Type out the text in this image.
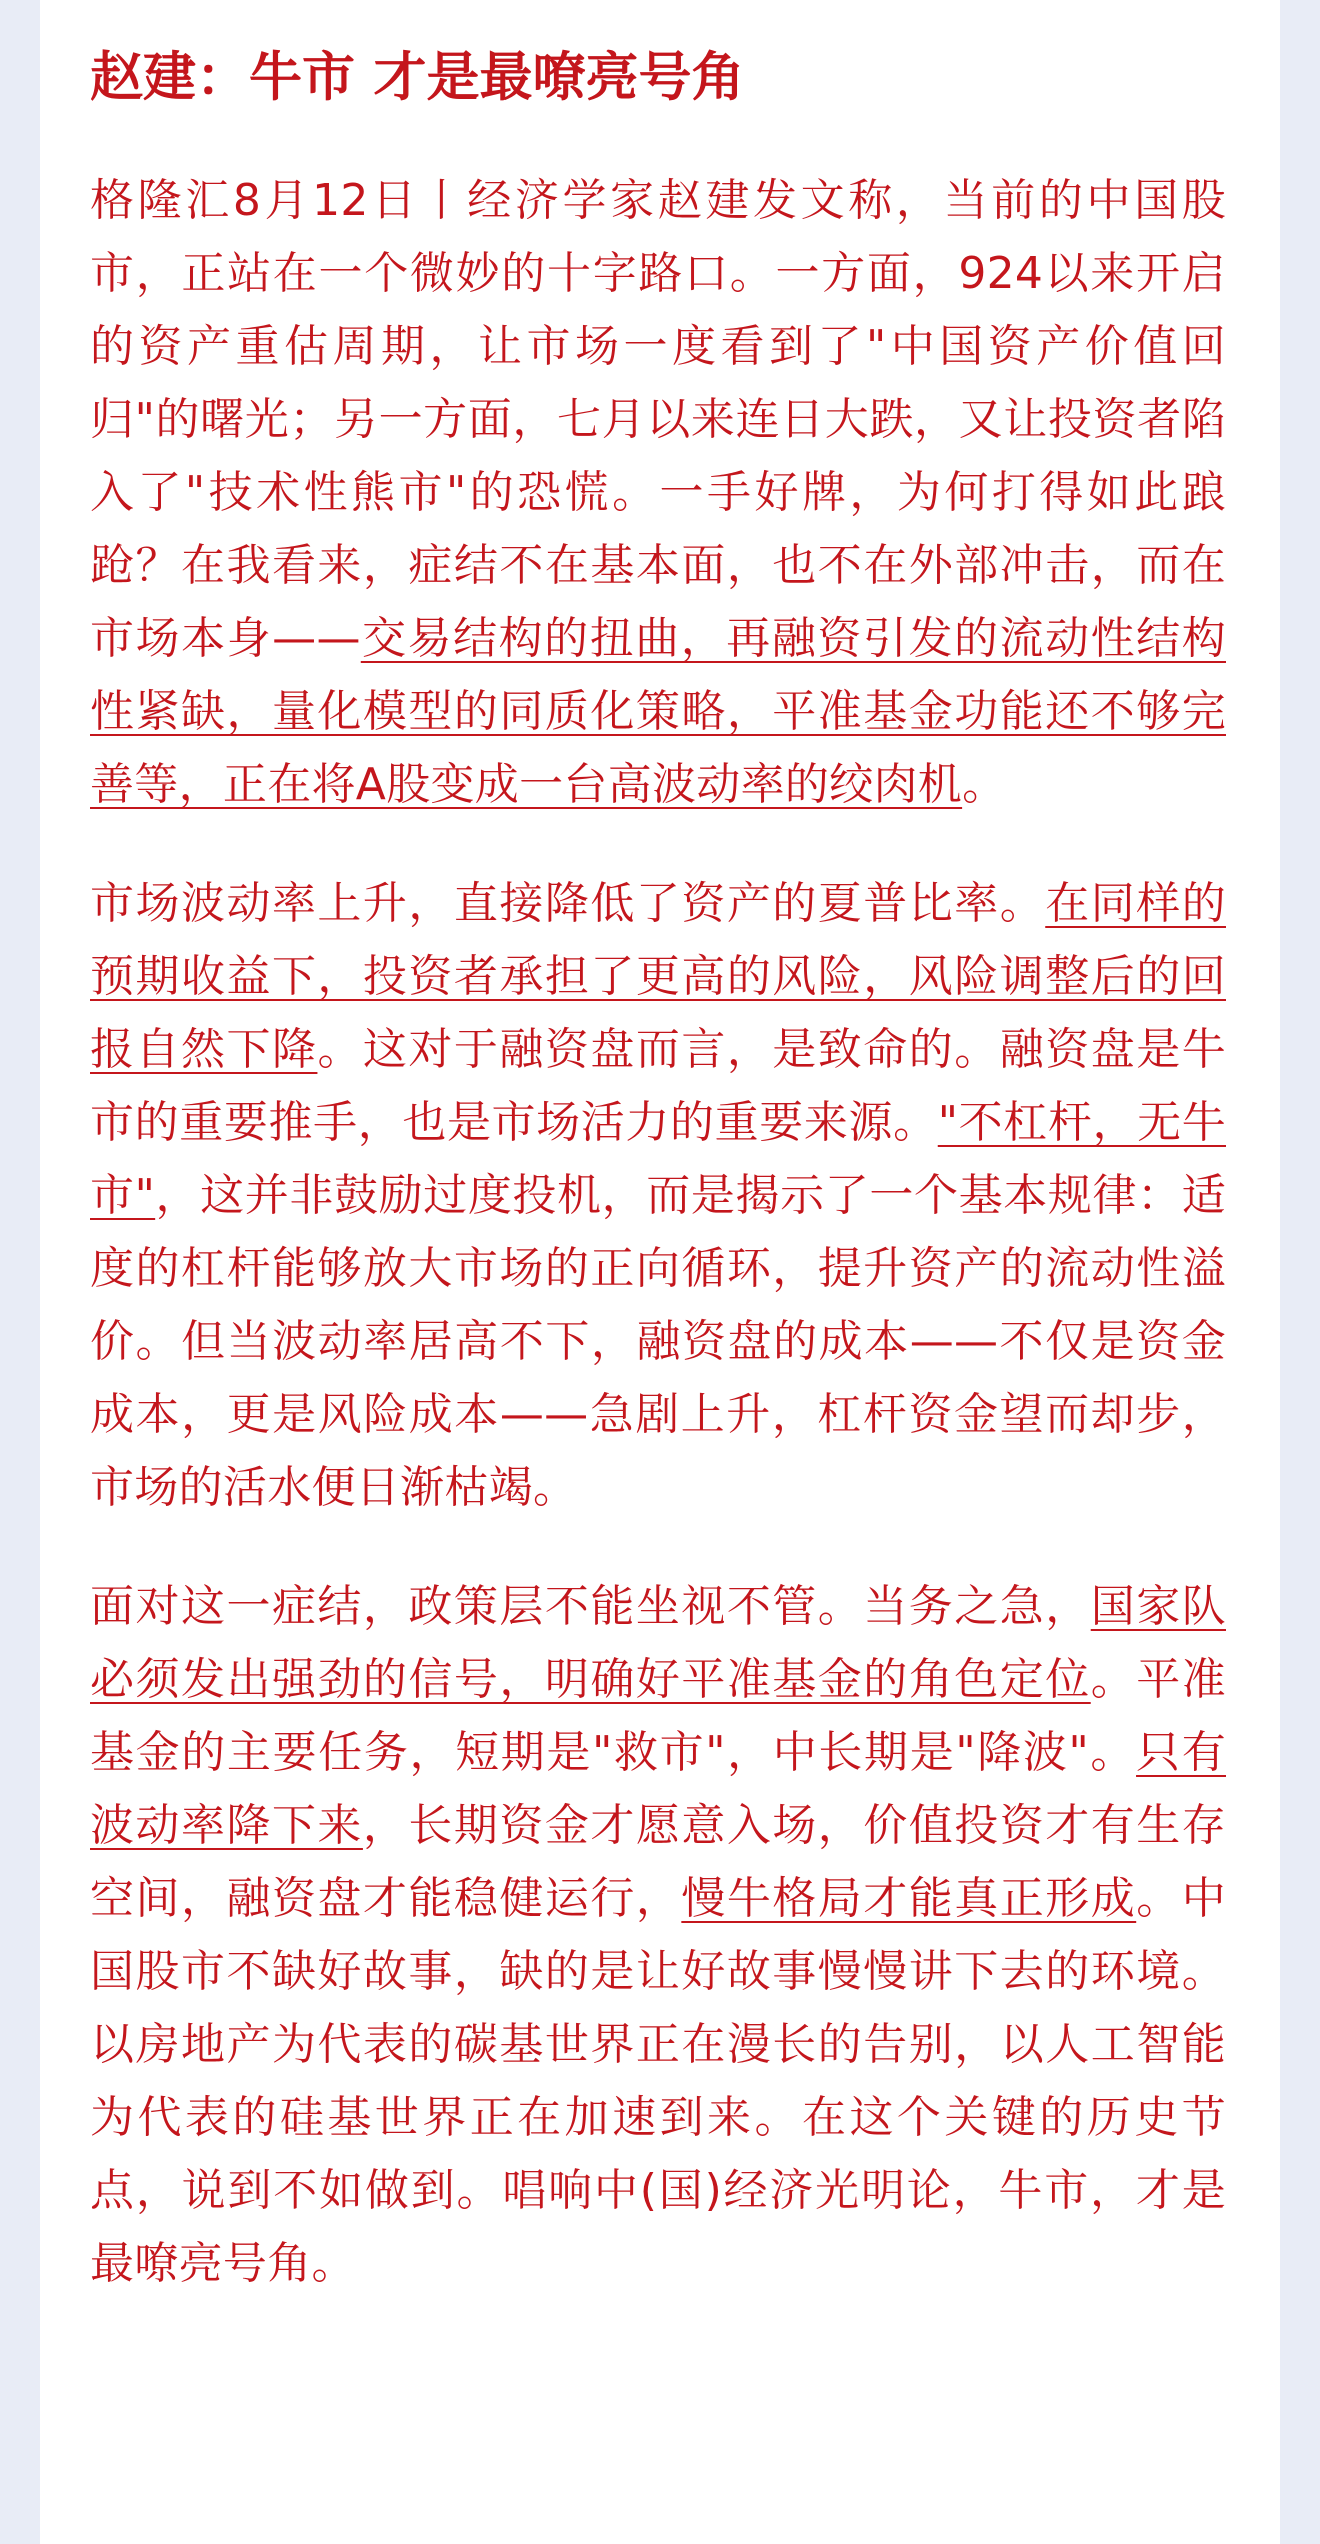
赵建：牛市 才是最嘹亮号角

格隆汇8月12日丨经济学家赵建发文称，当前的中国股市，正站在一个微妙的十字路口。一方面，924以来开启的资产重估周期，让市场一度看到了"中国资产价值回归"的曙光；另一方面，七月以来连日大跌，又让投资者陷入了"技术性熊市"的恐慌。一手好牌，为何打得如此踉跄？在我看来，症结不在基本面，也不在外部冲击，而在市场本身——交易结构的扭曲，再融资引发的流动性结构性紧缺，量化模型的同质化策略，平准基金功能还不够完善等，正在将A股变成一台高波动率的绞肉机。

市场波动率上升，直接降低了资产的夏普比率。在同样的预期收益下，投资者承担了更高的风险，风险调整后的回报自然下降。这对于融资盘而言，是致命的。融资盘是牛市的重要推手，也是市场活力的重要来源。"不杠杆，无牛市"，这并非鼓励过度投机，而是揭示了一个基本规律：适度的杠杆能够放大市场的正向循环，提升资产的流动性溢价。但当波动率居高不下，融资盘的成本——不仅是资金成本，更是风险成本——急剧上升，杠杆资金望而却步，市场的活水便日渐枯竭。

面对这一症结，政策层不能坐视不管。当务之急，国家队必须发出强劲的信号，明确好平准基金的角色定位。平准基金的主要任务，短期是"救市"，中长期是"降波"。只有波动率降下来，长期资金才愿意入场，价值投资才有生存空间，融资盘才能稳健运行，慢牛格局才能真正形成。中国股市不缺好故事，缺的是让好故事慢慢讲下去的环境。以房地产为代表的碳基世界正在漫长的告别，以人工智能为代表的硅基世界正在加速到来。在这个关键的历史节点，说到不如做到。唱响中(国)经济光明论，牛市，才是最嘹亮号角。
